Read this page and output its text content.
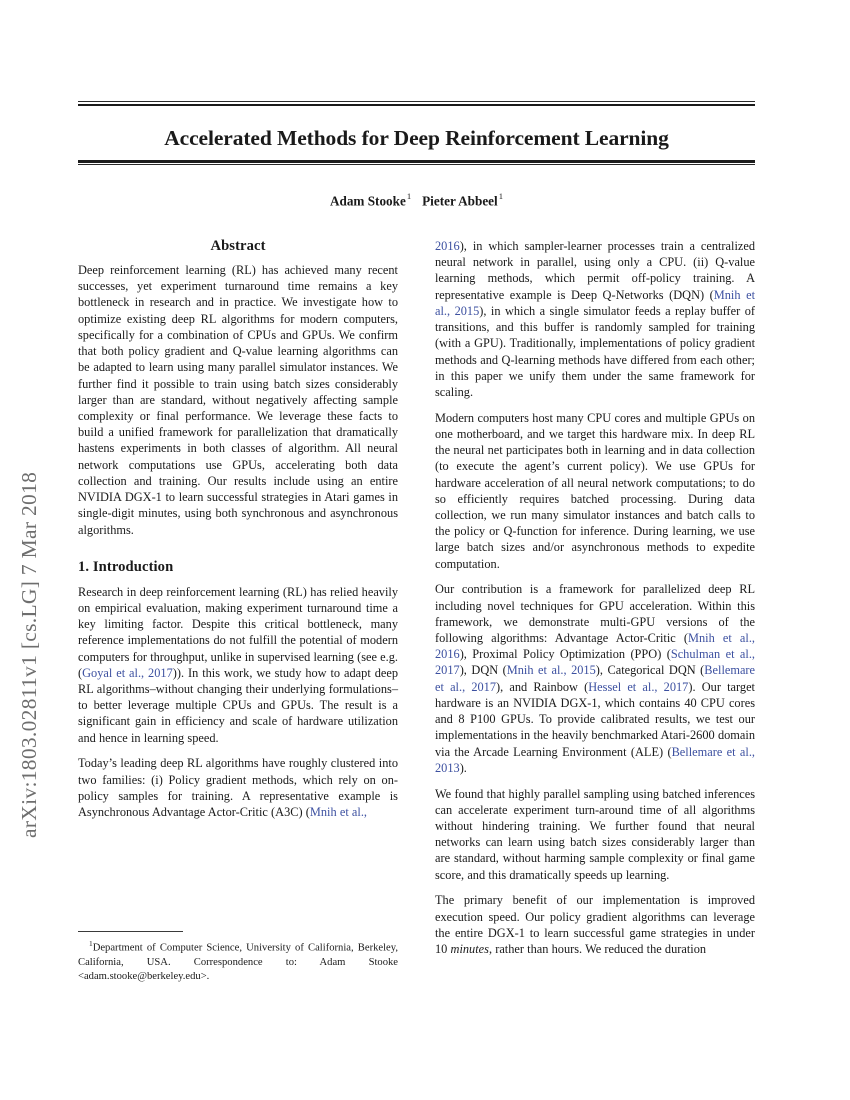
arXiv:1803.02811v1 [cs.LG] 7 Mar 2018
Accelerated Methods for Deep Reinforcement Learning
Adam Stooke$^1$ Pieter Abbeel$^1$
Abstract

Deep reinforcement learning (RL) has achieved many recent successes, yet experiment turnaround time remains a key bottleneck in research and in practice. We investigate how to optimize existing deep RL algorithms for modern computers, specifically for a combination of CPUs and GPUs. We confirm that both policy gradient and Q-value learning algorithms can be adapted to learn using many parallel simulator instances. We further find it possible to train using batch sizes considerably larger than are standard, without negatively affecting sample complexity or final performance. We leverage these facts to build a unified framework for parallelization that dramatically hastens experiments in both classes of algorithm. All neural network computations use GPUs, accelerating both data collection and training. Our results include using an entire NVIDIA DGX-1 to learn successful strategies in Atari games in single-digit minutes, using both synchronous and asynchronous algorithms.

1. Introduction

Research in deep reinforcement learning (RL) has relied heavily on empirical evaluation, making experiment turnaround time a key limiting factor. Despite this critical bottleneck, many reference implementations do not fulfill the potential of modern computers for throughput, unlike in supervised learning (see e.g. (Goyal et al., 2017)). In this work, we study how to adapt deep RL algorithms–without changing their underlying formulations–to better leverage multiple CPUs and GPUs. The result is a significant gain in efficiency and scale of hardware utilization and hence in learning speed.

Today’s leading deep RL algorithms have roughly clustered into two families: (i) Policy gradient methods, which rely on on-policy samples for training. A representative example is Asynchronous Advantage Actor-Critic (A3C) (Mnih et al.,

2016), in which sampler-learner processes train a centralized neural network in parallel, using only a CPU. (ii) Q-value learning methods, which permit off-policy training. A representative example is Deep Q-Networks (DQN) (Mnih et al., 2015), in which a single simulator feeds a replay buffer of transitions, and this buffer is randomly sampled for training (with a GPU). Traditionally, implementations of policy gradient methods and Q-learning methods have differed from each other; in this paper we unify them under the same framework for scaling.

Modern computers host many CPU cores and multiple GPUs on one motherboard, and we target this hardware mix. In deep RL the neural net participates both in learning and in data collection (to execute the agent’s current policy). We use GPUs for hardware acceleration of all neural network computations; to do so efficiently requires batched processing. During data collection, we run many simulator instances and batch calls to the policy or Q-function for inference. During learning, we use large batch sizes and/or asynchronous methods to expedite computation.

Our contribution is a framework for parallelized deep RL including novel techniques for GPU acceleration. Within this framework, we demonstrate multi-GPU versions of the following algorithms: Advantage Actor-Critic (Mnih et al., 2016), Proximal Policy Optimization (PPO) (Schulman et al., 2017), DQN (Mnih et al., 2015), Categorical DQN (Bellemare et al., 2017), and Rainbow (Hessel et al., 2017). Our target hardware is an NVIDIA DGX-1, which contains 40 CPU cores and 8 P100 GPUs. To provide calibrated results, we test our implementations in the heavily benchmarked Atari-2600 domain via the Arcade Learning Environment (ALE) (Bellemare et al., 2013).

We found that highly parallel sampling using batched inferences can accelerate experiment turn-around time of all algorithms without hindering training. We further found that neural networks can learn using batch sizes considerably larger than are standard, without harming sample complexity or final game score, and this dramatically speeds up learning.

The primary benefit of our implementation is improved execution speed. Our policy gradient algorithms can leverage the entire DGX-1 to learn successful game strategies in under 10 minutes, rather than hours. We reduced the duration

$^1$Department of Computer Science, University of California, Berkeley, California, USA. Correspondence to: Adam Stooke <adam.stooke@berkeley.edu>.
